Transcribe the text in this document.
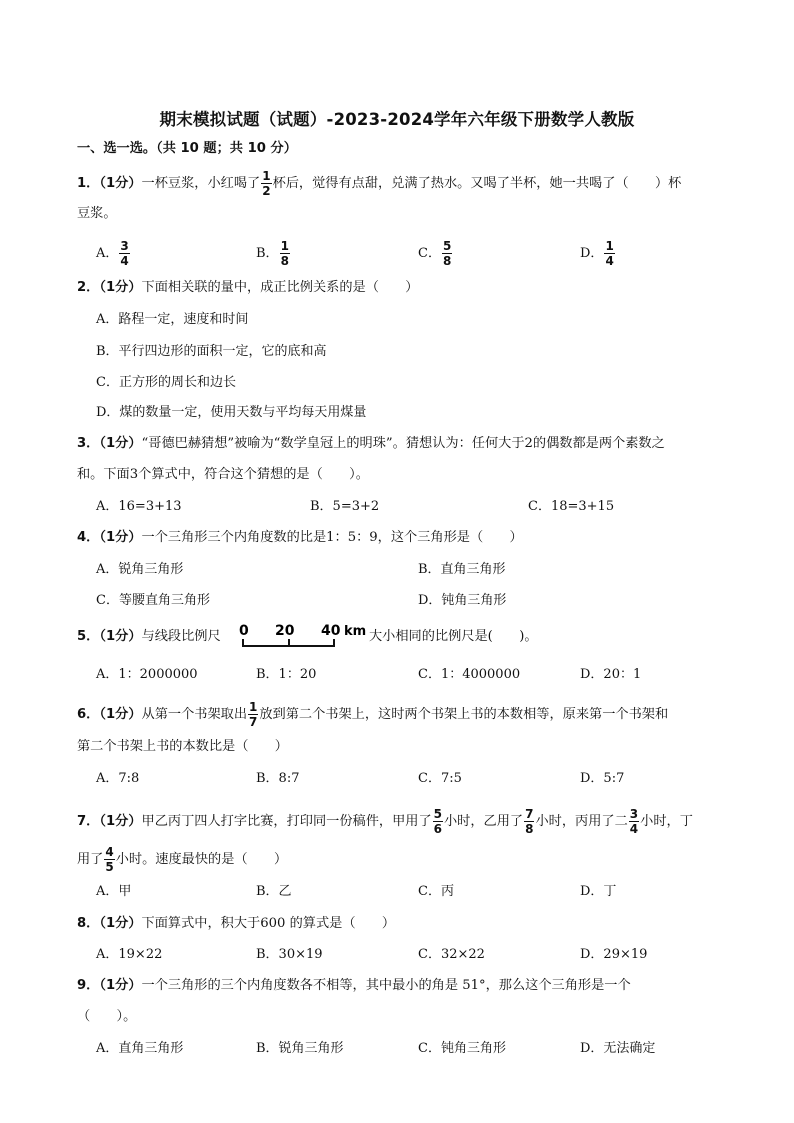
期末模拟试题（试题）-2023-2024学年六年级下册数学人教版
一、选一选。（共 10 题；共 10 分）
1．（1分）一杯豆浆，小红喝了 $\frac{1}{2}$ 杯后，觉得有点甜，兑满了热水。又喝了半杯，她一共喝了（　　）杯
豆浆。
A． $\frac{3}{4}$	B． $\frac{1}{8}$	C． $\frac{5}{8}$	D． $\frac{1}{4}$
2．（1分）下面相关联的量中，成正比例关系的是（　　）
A．路程一定，速度和时间
B．平行四边形的面积一定，它的底和高
C．正方形的周长和边长
D．煤的数量一定，使用天数与平均每天用煤量
3．（1分）“哥德巴赫猜想”被喻为“数学皇冠上的明珠”。猜想认为：任何大于2的偶数都是两个素数之
和。下面3个算式中，符合这个猜想的是（　　）。
A．16=3+13	B．5=3+2	C．18=3+15
4．（1分）一个三角形三个内角度数的比是1：5：9，这个三角形是（　　）
A．锐角三角形	B．直角三角形
C．等腰直角三角形	D．钝角三角形
5．（1分）与线段比例尺 0 20 40 km 大小相同的比例尺是(　　)。
A．1：2000000	B．1：20	C．1：4000000	D．20：1
6．（1分）从第一个书架取出 $\frac{1}{7}$ 放到第二个书架上，这时两个书架上书的本数相等，原来第一个书架和
第二个书架上书的本数比是（　　）
A．7:8	B．8:7	C．7:5	D．5:7
7．（1分）甲乙丙丁四人打字比赛，打印同一份稿件，甲用了 $\frac{5}{6}$ 小时，乙用了 $\frac{7}{8}$ 小时，丙用了二 $\frac{3}{4}$ 小时，丁
用了 $\frac{4}{5}$ 小时。速度最快的是（　　）
A．甲	B．乙	C．丙	D．丁
8．（1分）下面算式中，积大于600 的算式是（　　）
A．19×22	B．30×19	C．32×22	D．29×19
9．（1分）一个三角形的三个内角度数各不相等，其中最小的角是 51°，那么这个三角形是一个
（　　）。
A．直角三角形	B．锐角三角形	C．钝角三角形	D．无法确定
